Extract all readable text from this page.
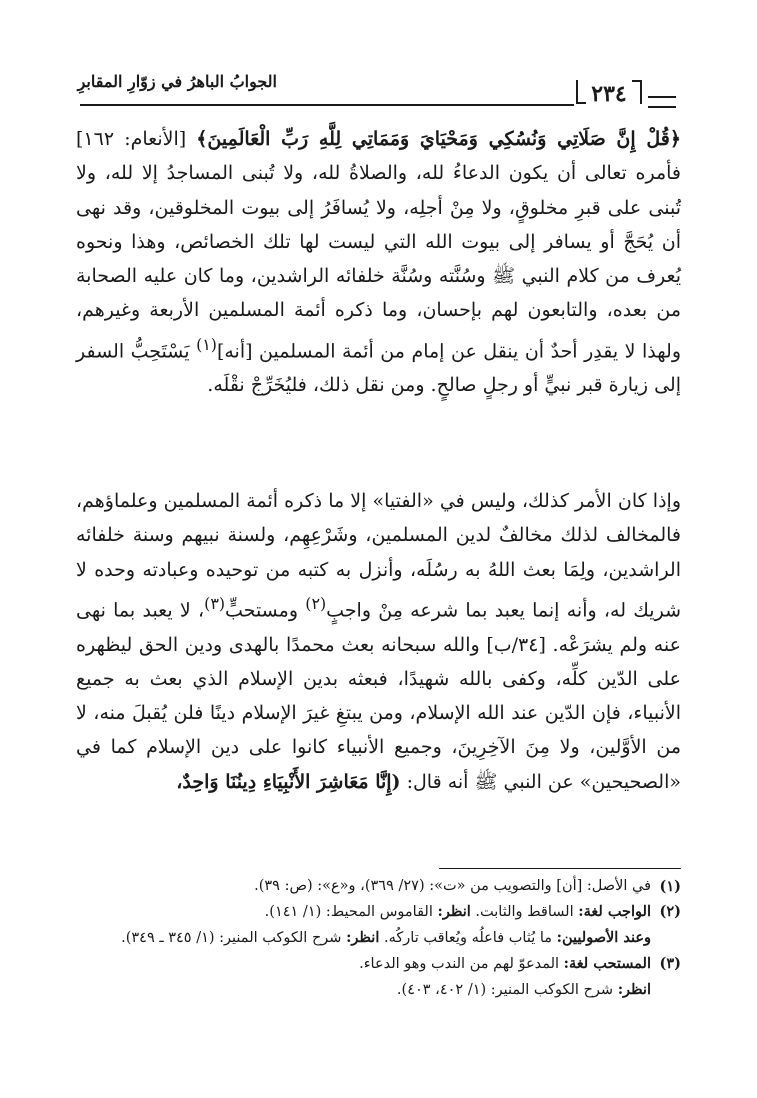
الجوابُ الباهرُ في زوّارِ المقابرِ	٢٣٤
﴿قُلْ إِنَّ صَلَاتِي وَنُسُكِي وَمَحْيَايَ وَمَمَاتِي لِلَّهِ رَبِّ الْعَالَمِينَ﴾ [الأنعام: ١٦٢] فأمره تعالى أن يكون الدعاءُ لله، والصلاةُ لله، ولا تُبنى المساجدُ إلا لله، ولا تُبنى على قبرِ مخلوقٍ، ولا مِنْ أجلِه، ولا يُسافَرُ إلى بيوت المخلوقين، وقد نهى أن يُحَجَّ أو يسافر إلى بيوت الله التي ليست لها تلك الخصائص، وهذا ونحوه يُعرف من كلام النبي ﷺ وسُنَّته وسُنَّة خلفائه الراشدين، وما كان عليه الصحابة من بعده، والتابعون لهم بإحسان، وما ذكره أئمة المسلمين الأربعة وغيرهم، ولهذا لا يقدِر أحدٌ أن ينقل عن إمام من أئمة المسلمين [أنه]$^{(١)}$ يَسْتَحِبُّ السفر إلى زيارة قبر نبيٍّ أو رجلٍ صالحٍ. ومن نقل ذلك، فليُخَرِّجْ نقْلَه.
وإذا كان الأمر كذلك، وليس في «الفتيا» إلا ما ذكره أئمة المسلمين وعلماؤهم، فالمخالف لذلك مخالفٌ لدين المسلمين، وشَرْعِهِم، ولسنة نبيهم وسنة خلفائه الراشدين، ولِمَا بعث اللهُ به رسُلَه، وأنزل به كتبه من توحيده وعبادته وحده لا شريك له، وأنه إنما يعبد بما شرعه مِنْ واجبٍ$^{(٢)}$ ومستحبٍّ$^{(٣)}$، لا يعبد بما نهى عنه ولم يشرَعْه. [٣٤/ب] والله سبحانه بعث محمدًا بالهدى ودين الحق ليظهره على الدّين كلِّه، وكفى بالله شهيدًا، فبعثه بدين الإسلام الذي بعث به جميع الأنبياء، فإن الدّين عند الله الإسلام، ومن يبتغِ غيرَ الإسلام دينًا فلن يُقبلَ منه، لا من الأوَّلين، ولا مِنَ الآخِرِينَ، وجميع الأنبياء كانوا على دين الإسلام كما في «الصحيحين» عن النبي ﷺ أنه قال: (إِنَّا مَعَاشِرَ الأَنْبِيَاءِ دِينُنَا وَاحِدٌ،
(١)
في الأصل: [أن] والتصويب من «ت»: (٢٧/ ٣٦٩)، و«ع»: (ص: ٣٩).
(٢)
الواجب لغة: الساقط والثابت. انظر: القاموس المحيط: (١/ ١٤١).
وعند الأصوليين: ما يُثاب فاعلُه ويُعاقب تاركُه. انظر: شرح الكوكب المنير: (١/ ٣٤٥ ـ ٣٤٩).
(٣)
المستحب لغة: المدعوّ لهم من الندب وهو الدعاء.
انظر: شرح الكوكب المنير: (١/ ٤٠٢، ٤٠٣).
